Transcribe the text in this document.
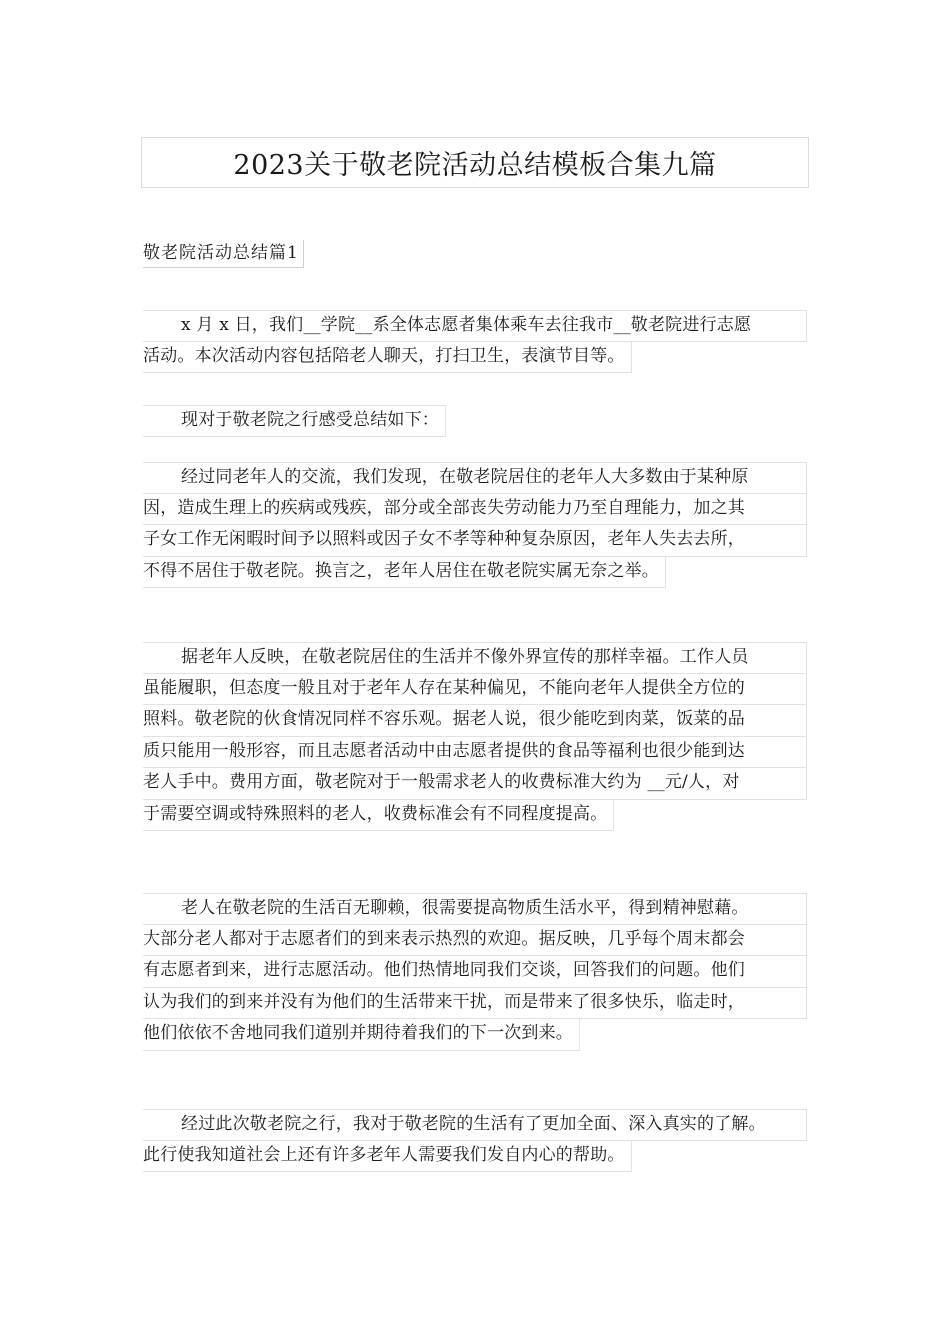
2023关于敬老院活动总结模板合集九篇
敬老院活动总结篇1
x 月 x 日，我们__学院__系全体志愿者集体乘车去往我市__敬老院进行志愿
活动。本次活动内容包括陪老人聊天，打扫卫生，表演节目等。

现对于敬老院之行感受总结如下：

经过同老年人的交流，我们发现，在敬老院居住的老年人大多数由于某种原
因，造成生理上的疾病或残疾，部分或全部丧失劳动能力乃至自理能力，加之其
子女工作无闲暇时间予以照料或因子女不孝等种种复杂原因，老年人失去去所，
不得不居住于敬老院。换言之，老年人居住在敬老院实属无奈之举。

据老年人反映，在敬老院居住的生活并不像外界宣传的那样幸福。工作人员
虽能履职，但态度一般且对于老年人存在某种偏见，不能向老年人提供全方位的
照料。敬老院的伙食情况同样不容乐观。据老人说，很少能吃到肉菜，饭菜的品
质只能用一般形容，而且志愿者活动中由志愿者提供的食品等福利也很少能到达
老人手中。费用方面，敬老院对于一般需求老人的收费标准大约为 __元/人，对
于需要空调或特殊照料的老人，收费标准会有不同程度提高。

老人在敬老院的生活百无聊赖，很需要提高物质生活水平，得到精神慰藉。
大部分老人都对于志愿者们的到来表示热烈的欢迎。据反映，几乎每个周末都会
有志愿者到来，进行志愿活动。他们热情地同我们交谈，回答我们的问题。他们
认为我们的到来并没有为他们的生活带来干扰，而是带来了很多快乐，临走时，
他们依依不舍地同我们道别并期待着我们的下一次到来。

经过此次敬老院之行，我对于敬老院的生活有了更加全面、深入真实的了解。
此行使我知道社会上还有许多老年人需要我们发自内心的帮助。
